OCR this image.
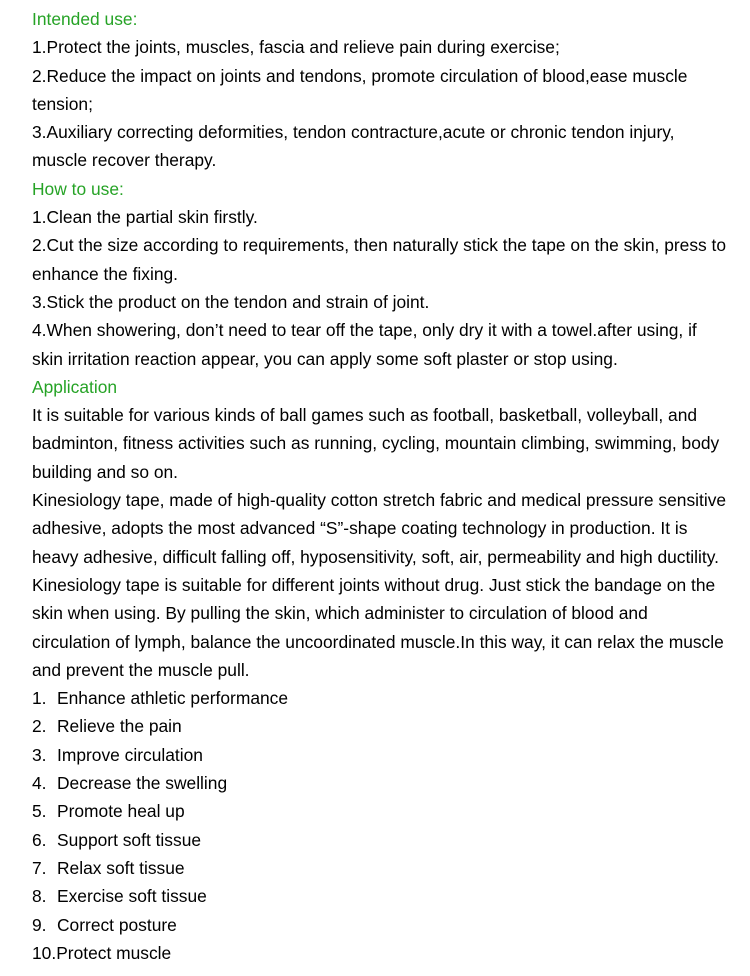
Intended use:
1.Protect the joints, muscles, fascia and relieve pain during exercise;
2.Reduce the impact on joints and tendons, promote circulation of blood,ease muscle
tension;
3.Auxiliary correcting deformities, tendon contracture,acute or chronic tendon injury,
muscle recover therapy.
How to use:
1.Clean the partial skin firstly.
2.Cut the size according to requirements, then naturally stick the tape on the skin, press to
enhance the fixing.
3.Stick the product on the tendon and strain of joint.
4.When showering, don’t need to tear off the tape, only dry it with a towel.after using, if
skin irritation reaction appear, you can apply some soft plaster or stop using.
Application
It is suitable for various kinds of ball games such as football, basketball, volleyball, and
badminton, fitness activities such as running, cycling, mountain climbing, swimming, body
building and so on.
Kinesiology tape, made of high-quality cotton stretch fabric and medical pressure sensitive
adhesive, adopts the most advanced “S”-shape coating technology in production. It is
heavy adhesive, difficult falling off, hyposensitivity, soft, air, permeability and high ductility.
Kinesiology tape is suitable for different joints without drug. Just stick the bandage on the
skin when using. By pulling the skin, which administer to circulation of blood and
circulation of lymph, balance the uncoordinated muscle.In this way, it can relax the muscle
and prevent the muscle pull.
1. Enhance athletic performance
2. Relieve the pain
3. Improve circulation
4. Decrease the swelling
5. Promote heal up
6. Support soft tissue
7. Relax soft tissue
8. Exercise soft tissue
9. Correct posture
10.Protect muscle
